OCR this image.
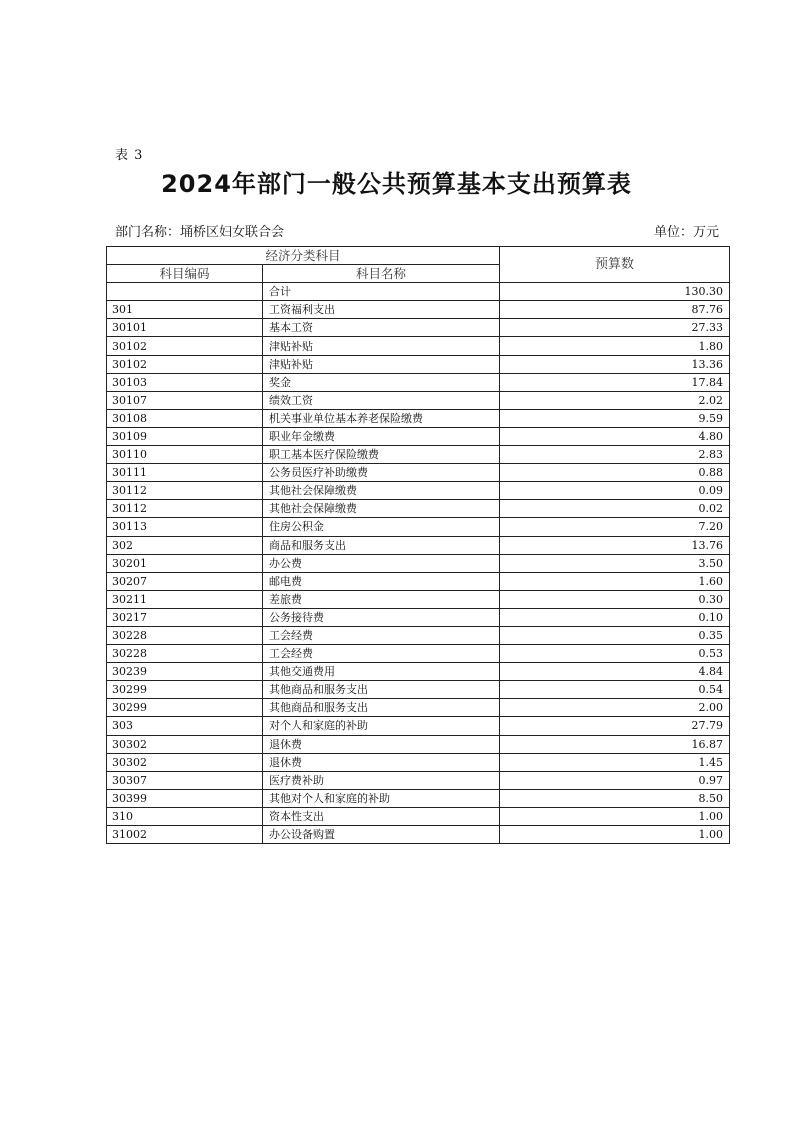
表 3
2024年部门一般公共预算基本支出预算表
部门名称：埇桥区妇女联合会	单位：万元
经济分类科目		预算数
科目编码	科目名称	
	合计	130.30
301	工资福利支出	87.76
30101	基本工资	27.33
30102	津贴补贴	1.80
30102	津贴补贴	13.36
30103	奖金	17.84
30107	绩效工资	2.02
30108	机关事业单位基本养老保险缴费	9.59
30109	职业年金缴费	4.80
30110	职工基本医疗保险缴费	2.83
30111	公务员医疗补助缴费	0.88
30112	其他社会保障缴费	0.09
30112	其他社会保障缴费	0.02
30113	住房公积金	7.20
302	商品和服务支出	13.76
30201	办公费	3.50
30207	邮电费	1.60
30211	差旅费	0.30
30217	公务接待费	0.10
30228	工会经费	0.35
30228	工会经费	0.53
30239	其他交通费用	4.84
30299	其他商品和服务支出	0.54
30299	其他商品和服务支出	2.00
303	对个人和家庭的补助	27.79
30302	退休费	16.87
30302	退休费	1.45
30307	医疗费补助	0.97
30399	其他对个人和家庭的补助	8.50
310	资本性支出	1.00
31002	办公设备购置	1.00
